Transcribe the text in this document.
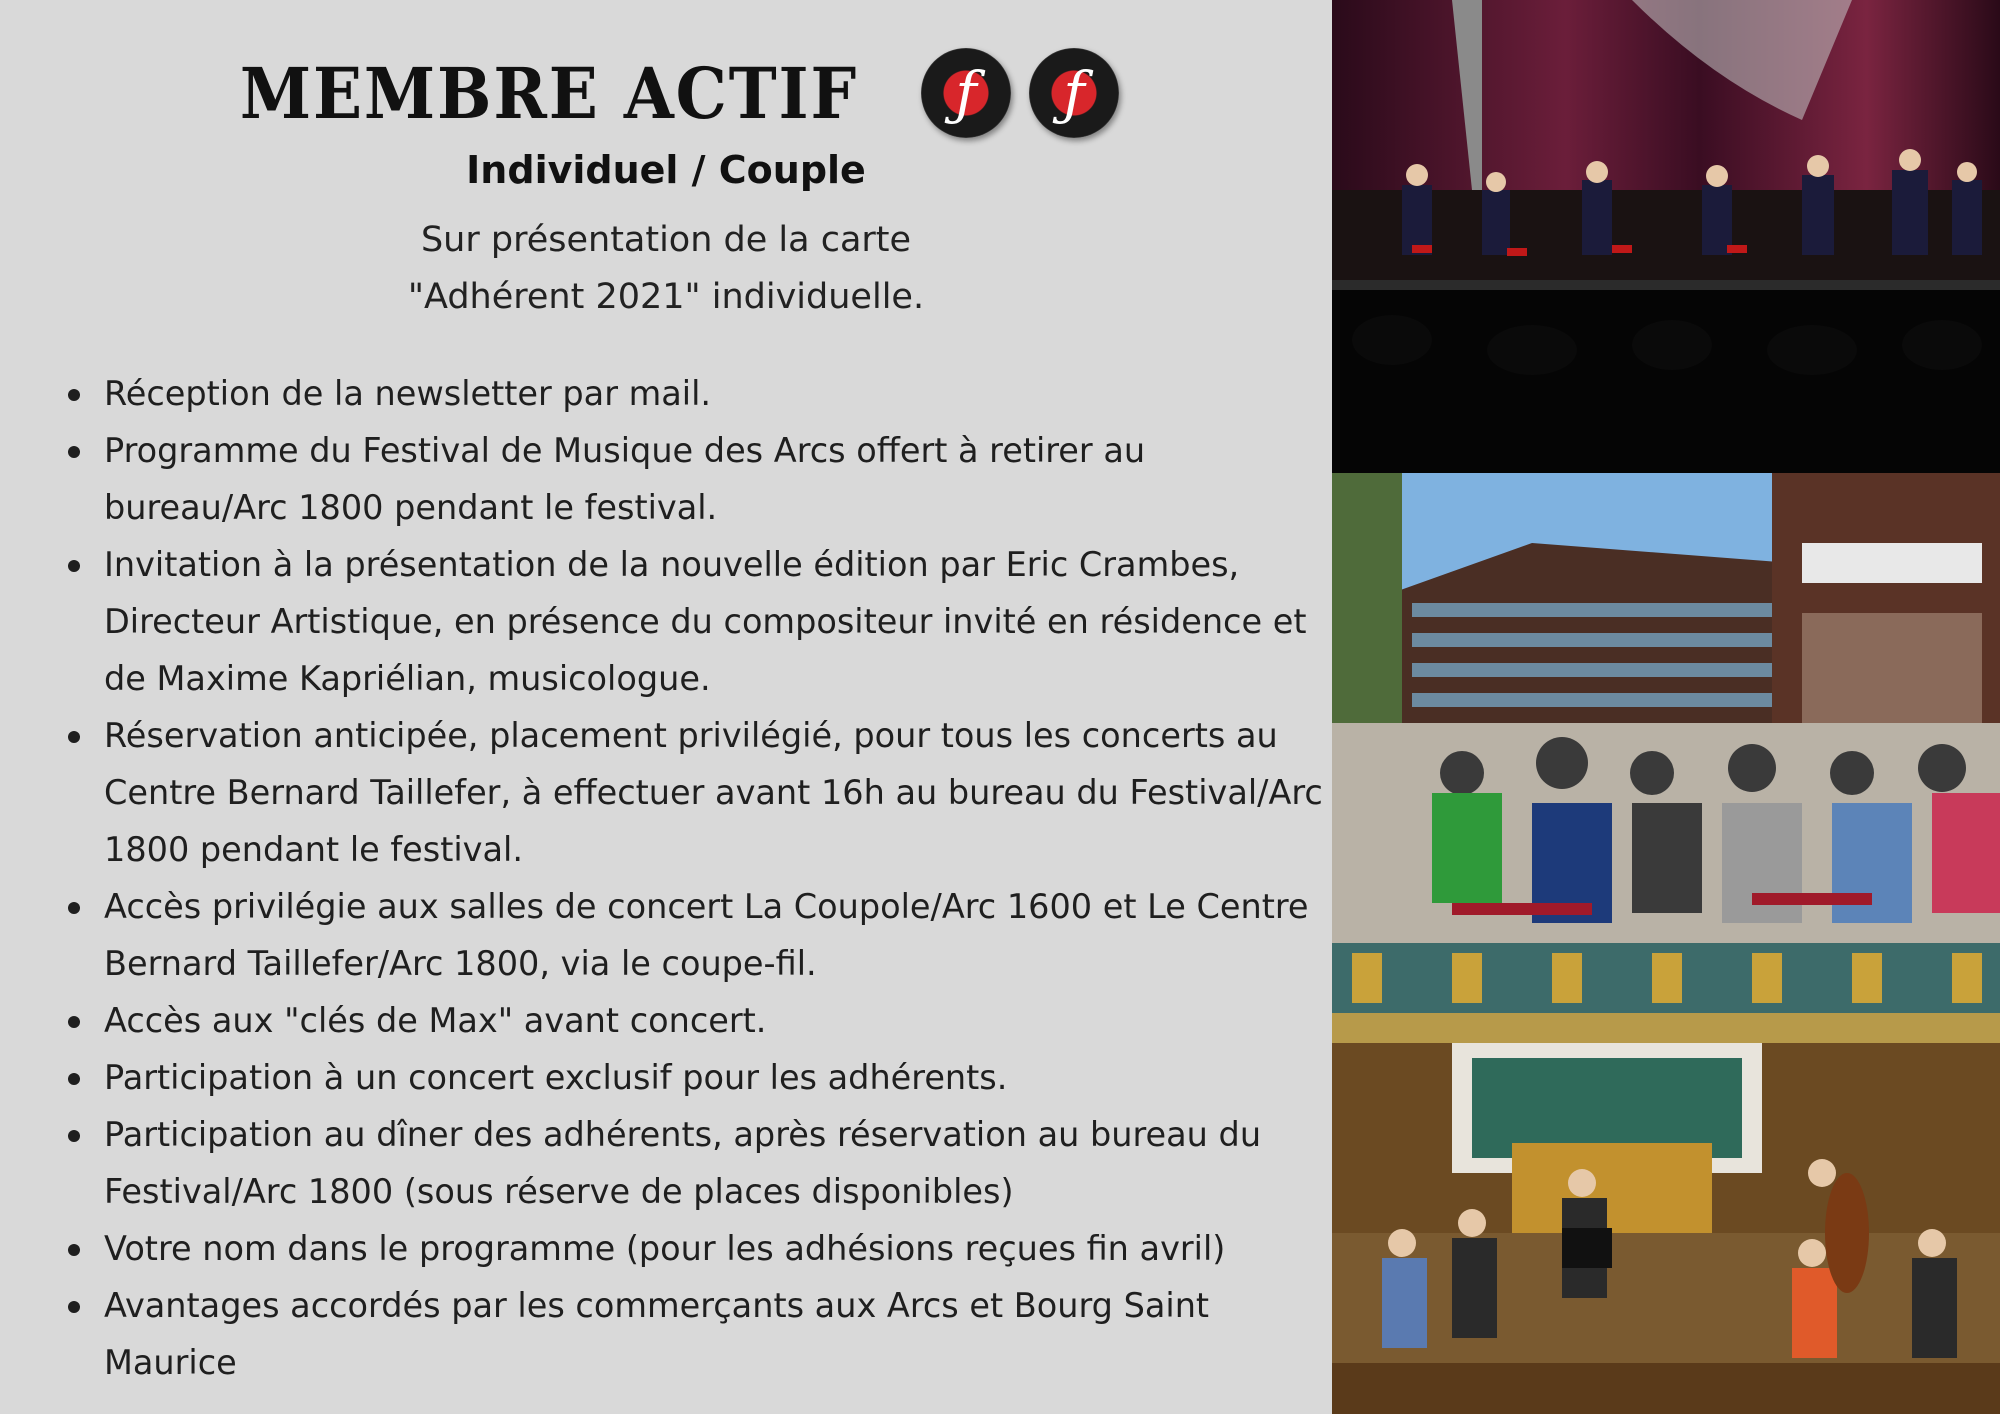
MEMBRE ACTIF	ƒ	ƒ
Individuel / Couple
Sur présentation de la carte
"Adhérent 2021" individuelle.
Réception de la newsletter par mail.
Programme du Festival de Musique des Arcs offert à retirer au bureau/Arc 1800 pendant le festival.
Invitation à la présentation de la nouvelle édition par Eric Crambes, Directeur Artistique, en présence du compositeur invité en résidence et de Maxime Kapriélian, musicologue.
Réservation anticipée, placement privilégié, pour tous les concerts au Centre Bernard Taillefer, à effectuer avant 16h au bureau du Festival/Arc 1800 pendant le festival.
Accès privilégie aux salles de concert La Coupole/Arc 1600 et Le Centre Bernard Taillefer/Arc 1800, via le coupe-fil.
Accès aux "clés de Max" avant concert.
Participation à un concert exclusif pour les adhérents.
Participation au dîner des adhérents, après réservation au bureau du Festival/Arc 1800 (sous réserve de places disponibles)
Votre nom dans le programme (pour les adhésions reçues fin avril)
Avantages accordés par les commerçants aux Arcs et Bourg Saint Maurice
